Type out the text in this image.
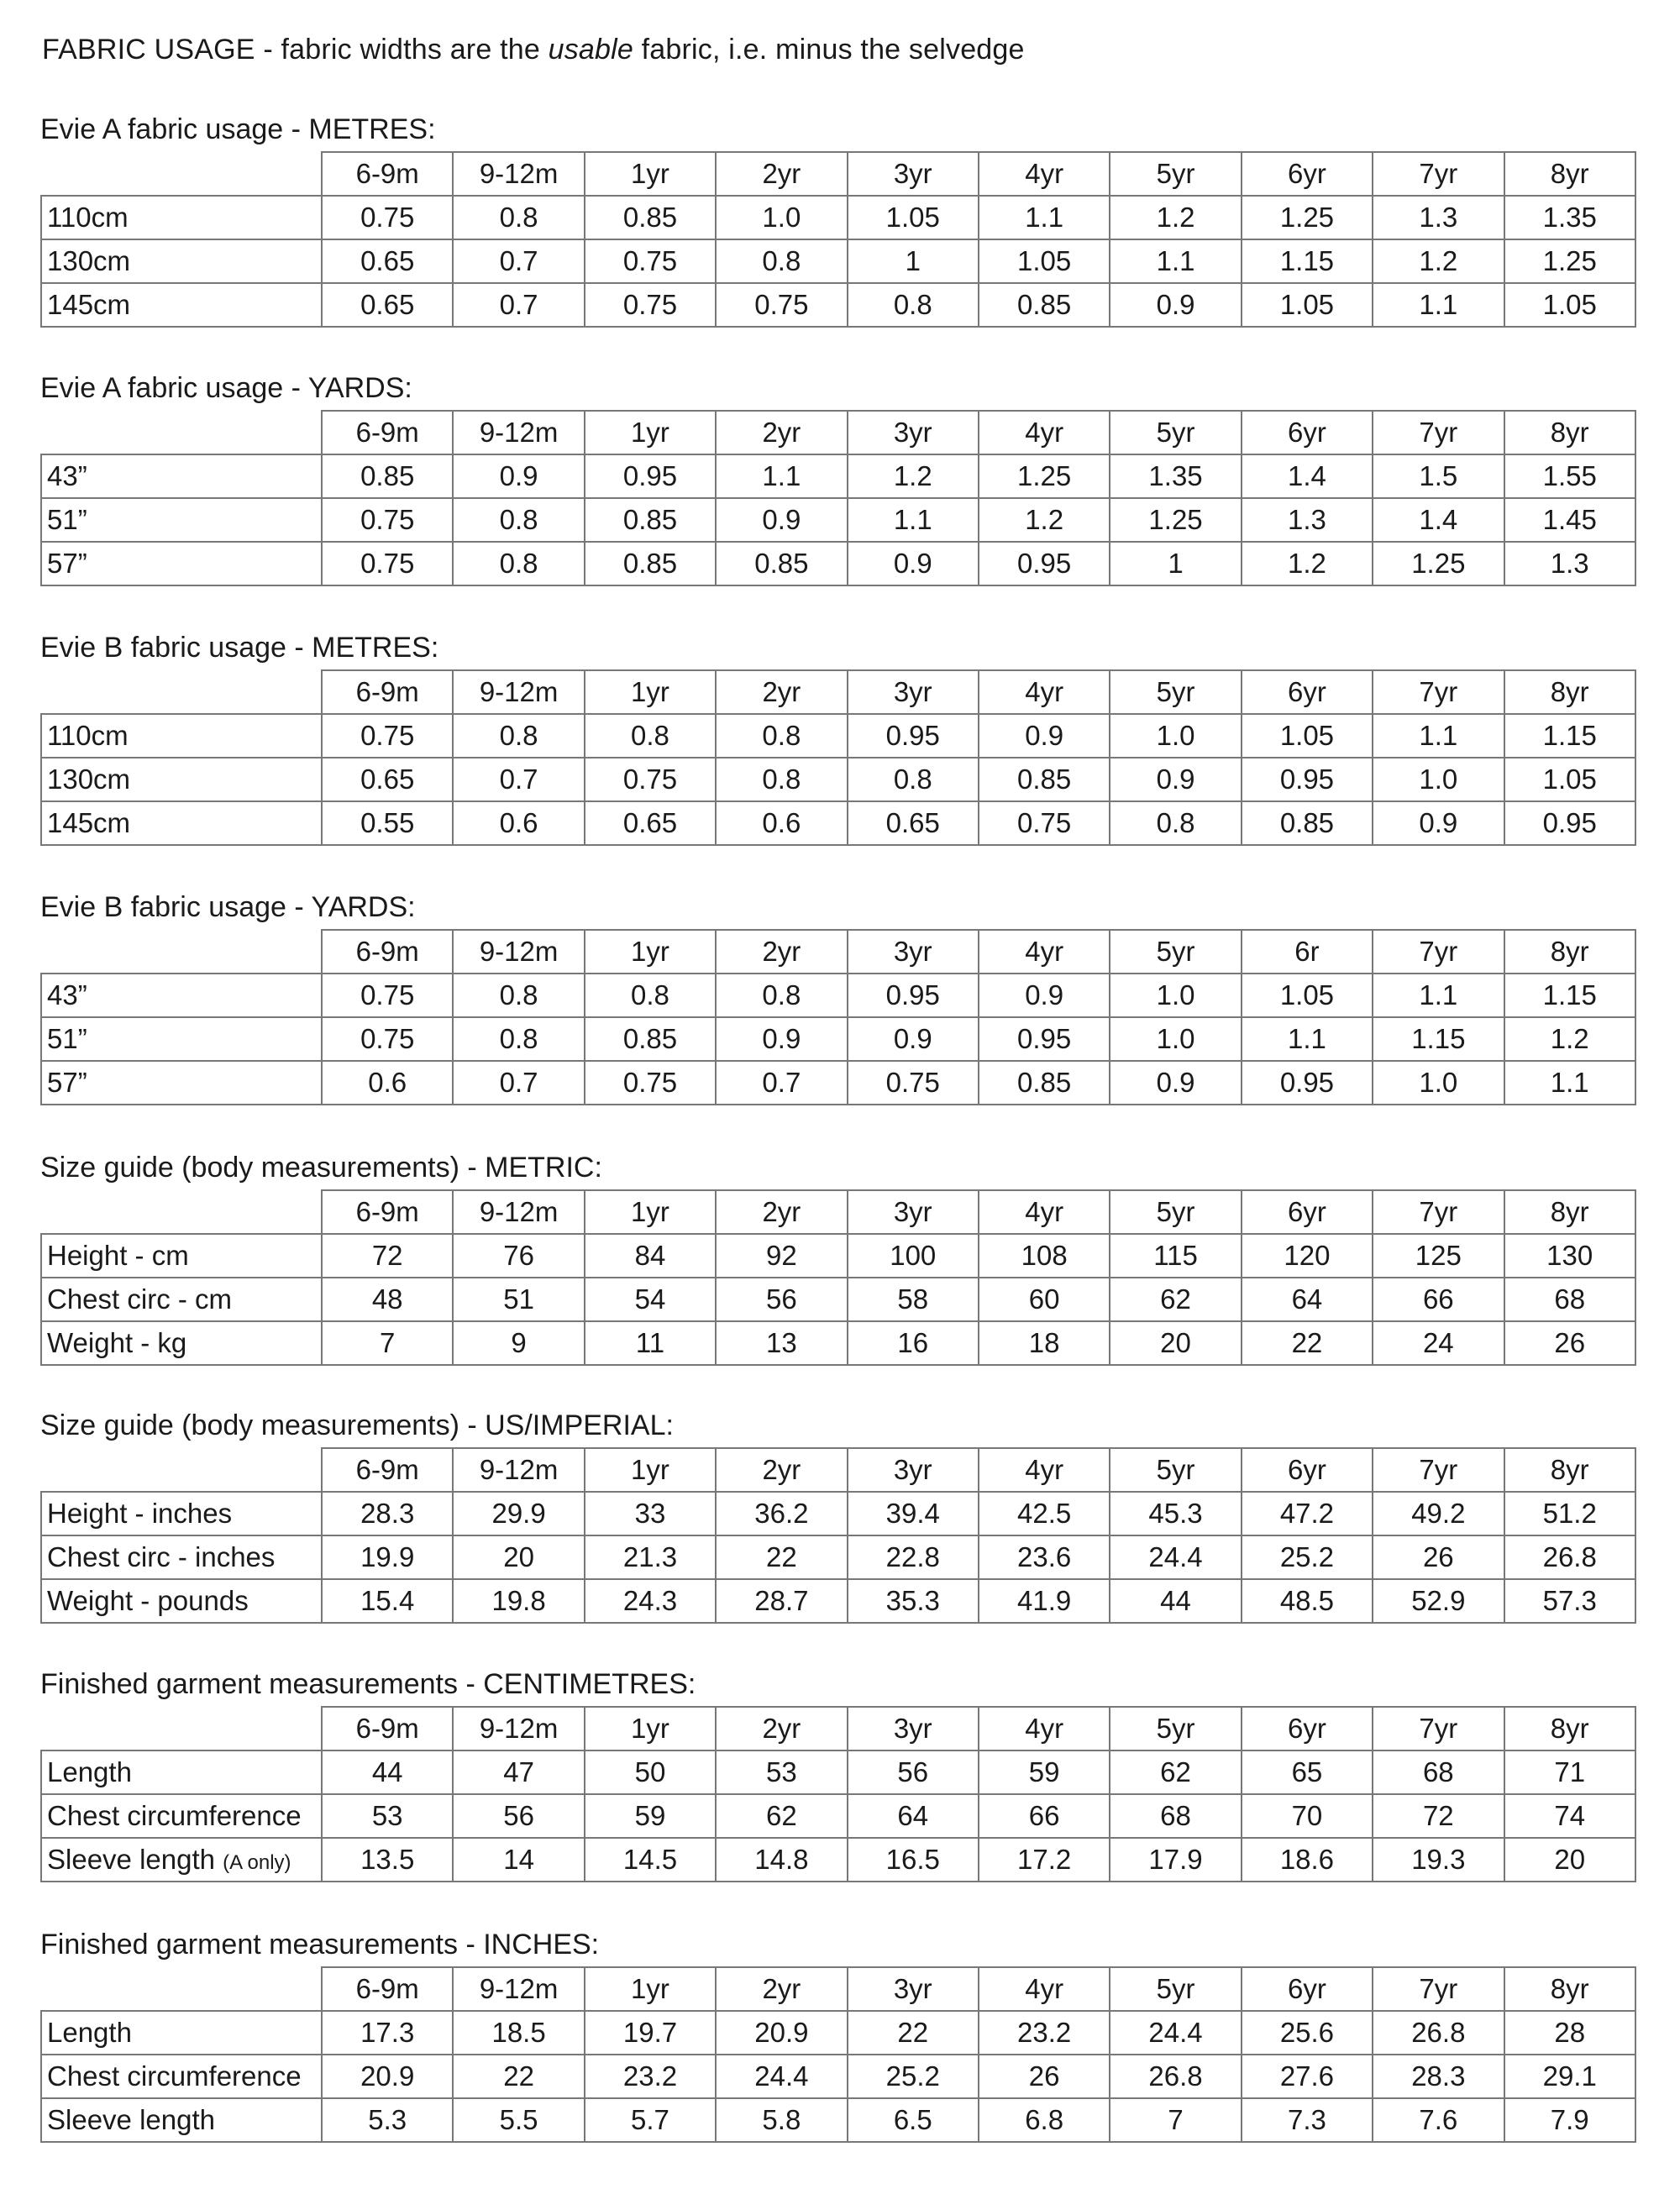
FABRIC USAGE - fabric widths are the usable fabric, i.e. minus the selvedge
Evie A fabric usage - METRES:
	6-9m	9-12m	1yr	2yr	3yr	4yr	5yr	6yr	7yr	8yr
110cm	0.75	0.8	0.85	1.0	1.05	1.1	1.2	1.25	1.3	1.35
130cm	0.65	0.7	0.75	0.8	1	1.05	1.1	1.15	1.2	1.25
145cm	0.65	0.7	0.75	0.75	0.8	0.85	0.9	1.05	1.1	1.05
Evie A fabric usage - YARDS:
	6-9m	9-12m	1yr	2yr	3yr	4yr	5yr	6yr	7yr	8yr
43”	0.85	0.9	0.95	1.1	1.2	1.25	1.35	1.4	1.5	1.55
51”	0.75	0.8	0.85	0.9	1.1	1.2	1.25	1.3	1.4	1.45
57”	0.75	0.8	0.85	0.85	0.9	0.95	1	1.2	1.25	1.3
Evie B fabric usage - METRES:
	6-9m	9-12m	1yr	2yr	3yr	4yr	5yr	6yr	7yr	8yr
110cm	0.75	0.8	0.8	0.8	0.95	0.9	1.0	1.05	1.1	1.15
130cm	0.65	0.7	0.75	0.8	0.8	0.85	0.9	0.95	1.0	1.05
145cm	0.55	0.6	0.65	0.6	0.65	0.75	0.8	0.85	0.9	0.95
Evie B fabric usage - YARDS:
	6-9m	9-12m	1yr	2yr	3yr	4yr	5yr	6r	7yr	8yr
43”	0.75	0.8	0.8	0.8	0.95	0.9	1.0	1.05	1.1	1.15
51”	0.75	0.8	0.85	0.9	0.9	0.95	1.0	1.1	1.15	1.2
57”	0.6	0.7	0.75	0.7	0.75	0.85	0.9	0.95	1.0	1.1
Size guide (body measurements) - METRIC:
	6-9m	9-12m	1yr	2yr	3yr	4yr	5yr	6yr	7yr	8yr
Height - cm	72	76	84	92	100	108	115	120	125	130
Chest circ - cm	48	51	54	56	58	60	62	64	66	68
Weight - kg	7	9	11	13	16	18	20	22	24	26
Size guide (body measurements) - US/IMPERIAL:
	6-9m	9-12m	1yr	2yr	3yr	4yr	5yr	6yr	7yr	8yr
Height - inches	28.3	29.9	33	36.2	39.4	42.5	45.3	47.2	49.2	51.2
Chest circ - inches	19.9	20	21.3	22	22.8	23.6	24.4	25.2	26	26.8
Weight - pounds	15.4	19.8	24.3	28.7	35.3	41.9	44	48.5	52.9	57.3
Finished garment measurements - CENTIMETRES:
	6-9m	9-12m	1yr	2yr	3yr	4yr	5yr	6yr	7yr	8yr
Length	44	47	50	53	56	59	62	65	68	71
Chest circumference	53	56	59	62	64	66	68	70	72	74
Sleeve length (A only)	13.5	14	14.5	14.8	16.5	17.2	17.9	18.6	19.3	20
Finished garment measurements - INCHES:
	6-9m	9-12m	1yr	2yr	3yr	4yr	5yr	6yr	7yr	8yr
Length	17.3	18.5	19.7	20.9	22	23.2	24.4	25.6	26.8	28
Chest circumference	20.9	22	23.2	24.4	25.2	26	26.8	27.6	28.3	29.1
Sleeve length	5.3	5.5	5.7	5.8	6.5	6.8	7	7.3	7.6	7.9
